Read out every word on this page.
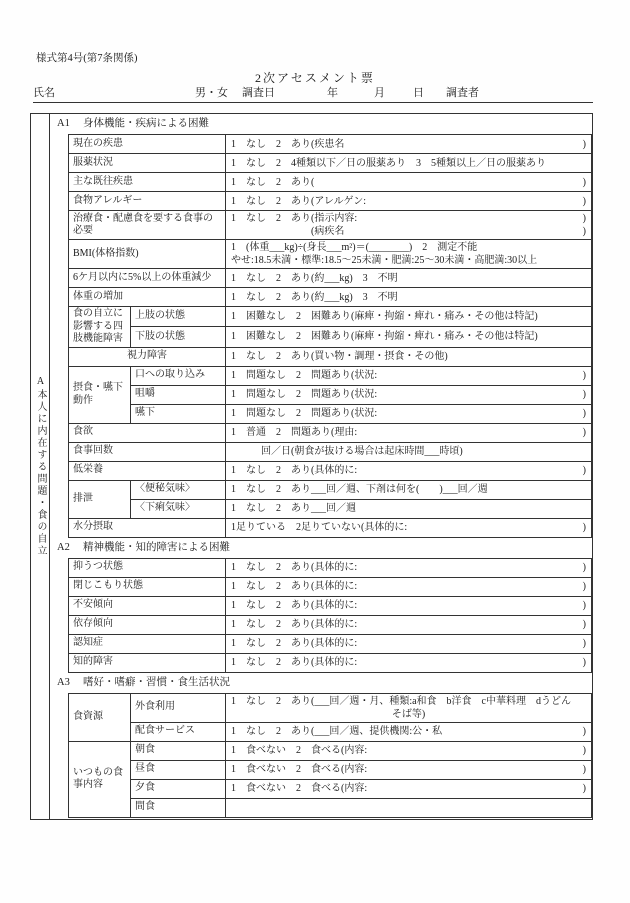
様式第4号(第7条関係)
2次アセスメント票
氏名	男・女 調査日	年	月	日 調査者
A本人に内在する問題・食の自立
A1 身体機能・疾病による困難
現在の疾患		1　なし　2　あり(疾患名 )

服薬状況		1　なし　2　4種類以下／日の服薬あり　3　5種類以上／日の服薬あり

主な既往疾患		1　なし　2　あり( )

食物アレルギー		1　なし　2　あり(アレルゲン: )

治療食・配慮食を要する食事の必要		1　なし　2　あり(指示内容: )
　　　　　　　　(病疾名 )

BMI(体格指数)		1　(体重___kg)÷(身長___m²)＝(________)　2　測定不能
やせ:18.5未満・標準:18.5〜25未満・肥満:25〜30未満・高肥満:30以上

6ケ月以内に5%以上の体重減少		1　なし　2　あり(約___kg)　3　不明

体重の増加		1　なし　2　あり(約___kg)　3　不明

食の自立に影響する四肢機能障害	上肢の状態	1　困難なし　2　困難あり(麻痺・拘縮・痺れ・痛み・その他は特記)

	下肢の状態	1　困難なし　2　困難あり(麻痺・拘縮・痺れ・痛み・その他は特記)

視力障害		1　なし　2　あり(買い物・調理・摂食・その他)

摂食・嚥下動作	口への取り込み	1　問題なし　2　問題あり(状況: )

	咀嚼	1　問題なし　2　問題あり(状況: )

	嚥下	1　問題なし　2　問題あり(状況: )

食欲		1　普通　2　問題あり(理由: )

食事回数		　　　回／日(朝食が抜ける場合は起床時間___時頃)

低栄養		1　なし　2　あり(具体的に: )

排泄	〈便秘気味〉	1　なし　2　あり___回／週、下剤は何を(　　)___回／週

	〈下痢気味〉	1　なし　2　あり___回／週

水分摂取		1足りている　2足りていない(具体的に: )
A2 精神機能・知的障害による困難
抑うつ状態	1　なし　2　あり(具体的に: )

閉じこもり状態	1　なし　2　あり(具体的に: )

不安傾向	1　なし　2　あり(具体的に: )

依存傾向	1　なし　2　あり(具体的に: )

認知症	1　なし　2　あり(具体的に: )

知的障害	1　なし　2　あり(具体的に: )
A3 嗜好・嗜癖・習慣・食生活状況
食資源	外食利用	1　なし　2　あり(___回／週・月、種類:a和食　b洋食　c中華料理　dうどん
そば等)

	配食サービス	1　なし　2　あり(___回／週、提供機関:公・私 )

いつもの食事内容	朝食	1　食べない　2　食べる(内容: )

	昼食	1　食べない　2　食べる(内容: )

	夕食	1　食べない　2　食べる(内容: )

	間食	
